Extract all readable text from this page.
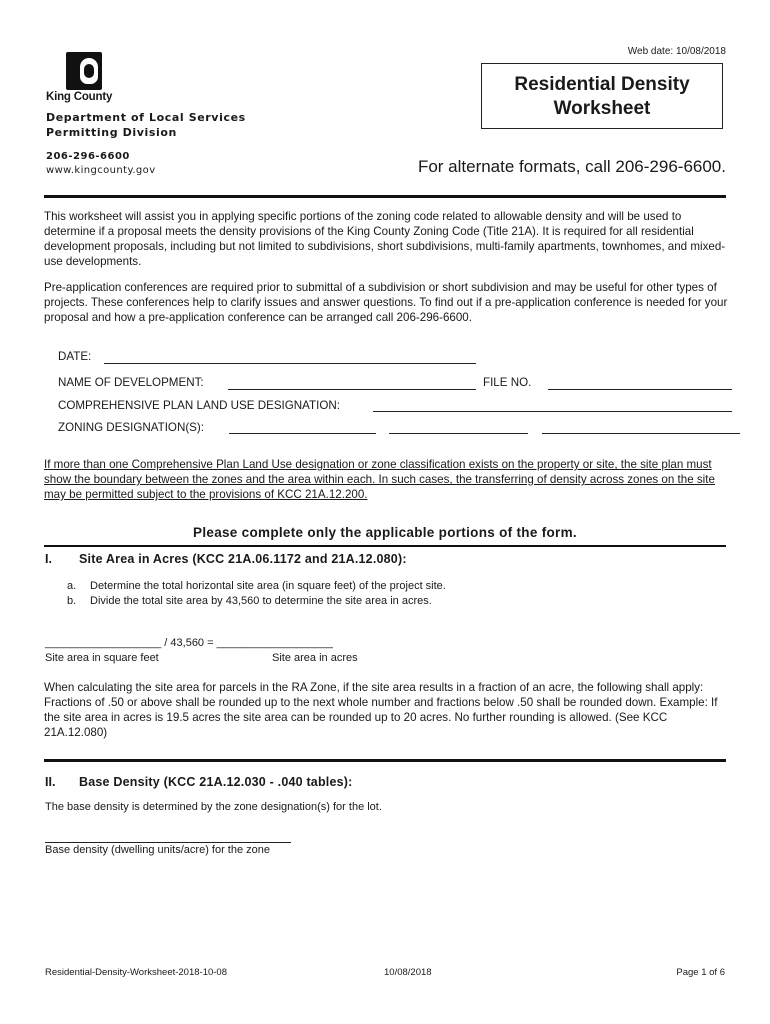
Web date: 10/08/2018
King County
Department of Local Services
Permitting Division
206-296-6600
www.kingcounty.gov
Residential Density
Worksheet
For alternate formats, call 206-296-6600.
This worksheet will assist you in applying specific portions of the zoning code related to allowable density and will be used to determine if a proposal meets the density provisions of the King County Zoning Code (Title 21A). It is required for all residential development proposals, including but not limited to subdivisions, short subdivisions, multi-family apartments, townhomes, and mixed-use developments.
Pre-application conferences are required prior to submittal of a subdivision or short subdivision and may be useful for other types of projects. These conferences help to clarify issues and answer questions. To find out if a pre-application conference is needed for your proposal and how a pre-application conference can be arranged call 206-296-6600.
DATE:
NAME OF DEVELOPMENT:	FILE NO.
COMPREHENSIVE PLAN LAND USE DESIGNATION:
ZONING DESIGNATION(S):
If more than one Comprehensive Plan Land Use designation or zone classification exists on the property or site, the site plan must show the boundary between the zones and the area within each. In such cases, the transferring of density across zones on the site may be permitted subject to the provisions of KCC 21A.12.200.
Please complete only the applicable portions of the form.
I. Site Area in Acres (KCC 21A.06.1172 and 21A.12.080):
a. Determine the total horizontal site area (in square feet) of the project site.
b. Divide the total site area by 43,560 to determine the site area in acres.
___________________ / 43,560 = ___________________
Site area in square feet	Site area in acres
When calculating the site area for parcels in the RA Zone, if the site area results in a fraction of an acre, the following shall apply: Fractions of .50 or above shall be rounded up to the next whole number and fractions below .50 shall be rounded down. Example: If the site area in acres is 19.5 acres the site area can be rounded up to 20 acres. No further rounding is allowed. (See KCC 21A.12.080)
II. Base Density (KCC 21A.12.030 - .040 tables):
The base density is determined by the zone designation(s) for the lot.
Base density (dwelling units/acre) for the zone
Residential-Density-Worksheet-2018-10-08	10/08/2018	Page 1 of 6
